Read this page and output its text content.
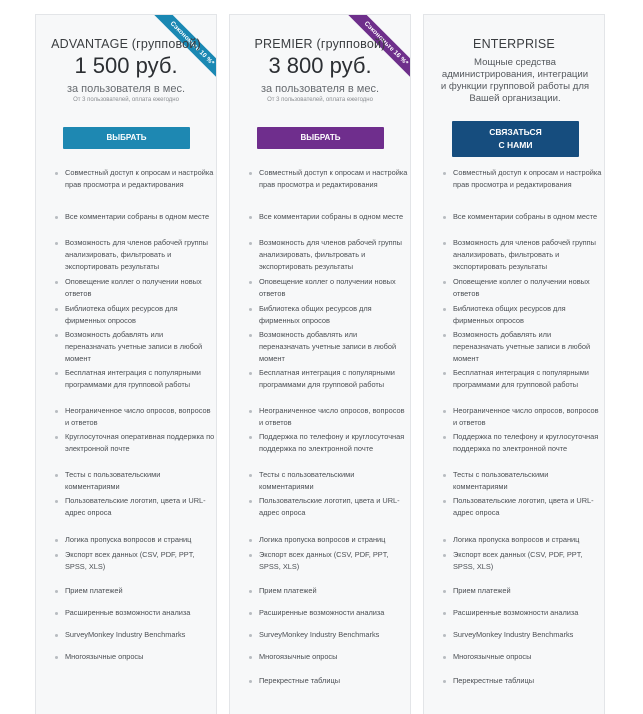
Сэкономьте 10 %*
ADVANTAGE (групповой)
1 500 руб.
за пользователя в мес.
От 3 пользователей, оплата ежегодно
ВЫБРАТЬ
Совместный доступ к опросам и настройка прав просмотра и редактирования
Все комментарии собраны в одном месте
Возможность для членов рабочей группы анализировать, фильтровать и экспортировать результаты
Оповещение коллег о получении новых ответов
Библиотека общих ресурсов для фирменных опросов
Возможность добавлять или переназначать учетные записи в любой момент
Бесплатная интеграция с популярными программами для групповой работы
Неограниченное число опросов, вопросов и ответов
Круглосуточная оперативная поддержка по электронной почте
Тесты с пользовательскими комментариями
Пользовательские логотип, цвета и URL-адрес опроса
Логика пропуска вопросов и страниц
Экспорт всех данных (CSV, PDF, PPT, SPSS, XLS)
Прием платежей
Расширенные возможности анализа
SurveyMonkey Industry Benchmarks
Многоязычные опросы
Сэкономьте 16 %*
PREMIER (групповой)
3 800 руб.
за пользователя в мес.
От 3 пользователей, оплата ежегодно
ВЫБРАТЬ
Совместный доступ к опросам и настройка прав просмотра и редактирования
Все комментарии собраны в одном месте
Возможность для членов рабочей группы анализировать, фильтровать и экспортировать результаты
Оповещение коллег о получении новых ответов
Библиотека общих ресурсов для фирменных опросов
Возможность добавлять или переназначать учетные записи в любой момент
Бесплатная интеграция с популярными программами для групповой работы
Неограниченное число опросов, вопросов и ответов
Поддержка по телефону и круглосуточная поддержка по электронной почте
Тесты с пользовательскими комментариями
Пользовательские логотип, цвета и URL-адрес опроса
Логика пропуска вопросов и страниц
Экспорт всех данных (CSV, PDF, PPT, SPSS, XLS)
Прием платежей
Расширенные возможности анализа
SurveyMonkey Industry Benchmarks
Многоязычные опросы
Перекрестные таблицы
ENTERPRISE
Мощные средства администрирования, интеграции и функции групповой работы для Вашей организации.
СВЯЗАТЬСЯ
С НАМИ
Совместный доступ к опросам и настройка прав просмотра и редактирования
Все комментарии собраны в одном месте
Возможность для членов рабочей группы анализировать, фильтровать и экспортировать результаты
Оповещение коллег о получении новых ответов
Библиотека общих ресурсов для фирменных опросов
Возможность добавлять или переназначать учетные записи в любой момент
Бесплатная интеграция с популярными программами для групповой работы
Неограниченное число опросов, вопросов и ответов
Поддержка по телефону и круглосуточная поддержка по электронной почте
Тесты с пользовательскими комментариями
Пользовательские логотип, цвета и URL-адрес опроса
Логика пропуска вопросов и страниц
Экспорт всех данных (CSV, PDF, PPT, SPSS, XLS)
Прием платежей
Расширенные возможности анализа
SurveyMonkey Industry Benchmarks
Многоязычные опросы
Перекрестные таблицы
